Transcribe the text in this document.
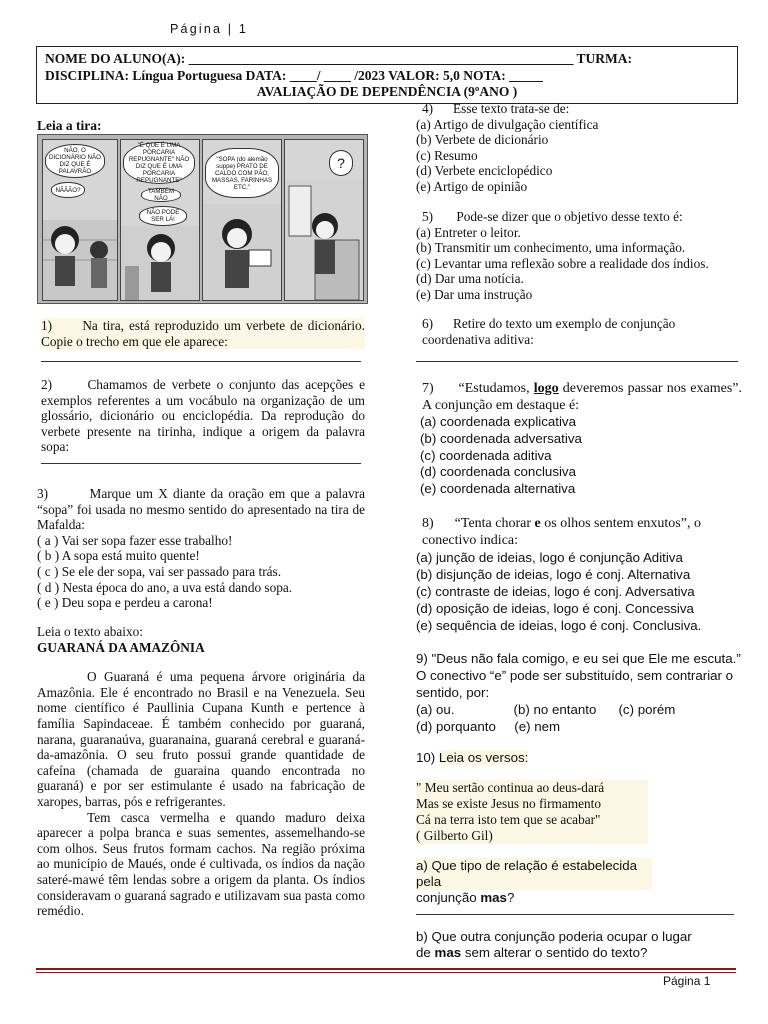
Página | 1
NOME DO ALUNO(A): _________________________________________________________ TURMA:
DISCIPLINA: Língua Portuguesa DATA: ____/ ____ /2023 VALOR: 5,0 NOTA: _____
AVALIAÇÃO DE DEPENDÊNCIA (9ºANO )
Leia a tira:
NÃO, O DICIONÁRIO NÃO DIZ QUE É PALAVRÃO
NÃÃÃO?
"É QUE É UMA PORCARIA REPUGNANTE" NÃO DIZ QUE É UMA PORCARIA REPUGNANTE"
TAMBÉM NÃO
NÃO PODE SER LÁ!
"SOPA (do alemão suppe) PRATO DE CALDO COM PÃO, MASSAS, FARINHAS ETC."
?

1)      Na tira, está reproduzido um verbete de dicionário. Copie o trecho em que ele aparece:

2)      Chamamos de verbete o conjunto das acepções e exemplos referentes a um vocábulo na organização de um glossário, dicionário ou enciclopédia. Da reprodução do verbete presente na tirinha, indique a origem da palavra sopa:

3)        Marque um X diante da oração em que a palavra “sopa” foi usada no mesmo sentido do apresentado na tira de Mafalda:

( a ) Vai ser sopa fazer esse trabalho!

( b ) A sopa está muito quente!

( c ) Se ele der sopa, vai ser passado para trás.

( d ) Nesta época do ano, a uva está dando sopa.

( e ) Deu sopa e perdeu a carona!

Leia o texto abaixo:

GUARANÁ DA AMAZÔNIA

O Guaraná é uma pequena árvore originária da Amazônia. Ele é encontrado no Brasil e na Venezuela. Seu nome científico é Paullinia Cupana Kunth e pertence à família Sapindaceae. É também conhecido por guaraná, narana, guaranaúva, guaranaina, guaraná cerebral e guaraná-da-amazônia. O seu fruto possui grande quantidade de cafeína (chamada de guaraina quando encontrada no guaraná) e por ser estimulante é usado na fabricação de xaropes, barras, pós e refrigerantes.

Tem casca vermelha e quando maduro deixa aparecer a polpa branca e suas sementes, assemelhando-se com olhos. Seus frutos formam cachos. Na região próxima ao município de Maués, onde é cultivada, os índios da nação sateré-mawé têm lendas sobre a origem da planta. Os índios consideravam o guaraná sagrado e utilizavam sua pasta como remédio.

4)      Esse texto trata-se de:

(a) Artigo de divulgação científica

(b) Verbete de dicionário

(c) Resumo

(d) Verbete enciclopédico

(e) Artigo de opinião

5)       Pode-se dizer que o objetivo desse texto é:

(a) Entreter o leitor.

(b) Transmitir um conhecimento, uma informação.

(c) Levantar uma reflexão sobre a realidade dos índios.

(d) Dar uma notícia.

(e) Dar uma instrução

6)      Retire do texto um exemplo de conjunção coordenativa aditiva:

7)      “Estudamos, logo deveremos passar nos exames”. A conjunção em destaque é:

(a) coordenada explicativa

(b) coordenada adversativa

(c) coordenada aditiva

(d) coordenada conclusiva

(e) coordenada alternativa

8)      “Tenta chorar e os olhos sentem enxutos”, o conectivo indica:

(a) junção de ideias, logo é conjunção Aditiva

(b) disjunção de ideias, logo é conj. Alternativa

(c) contraste de ideias, logo é conj. Adversativa

(d) oposição de ideias, logo é conj. Concessiva

(e) sequência de ideias, logo é conj. Conclusiva.

9) "Deus não fala comigo, e eu sei que Ele me escuta.” O conectivo “e” pode ser substituído, sem contrariar o sentido, por:

(a) ou.                (b) no entanto      (c) porém

(d) porquanto     (e) nem

10) Leia os versos:

" Meu sertão continua ao deus-dará

Mas se existe Jesus no firmamento

Cá na terra isto tem que se acabar"

( Gilberto Gil)

a) Que tipo de relação é estabelecida pela

conjunção mas?

b) Que outra conjunção poderia ocupar o lugar

de mas sem alterar o sentido do texto?

Página 1
